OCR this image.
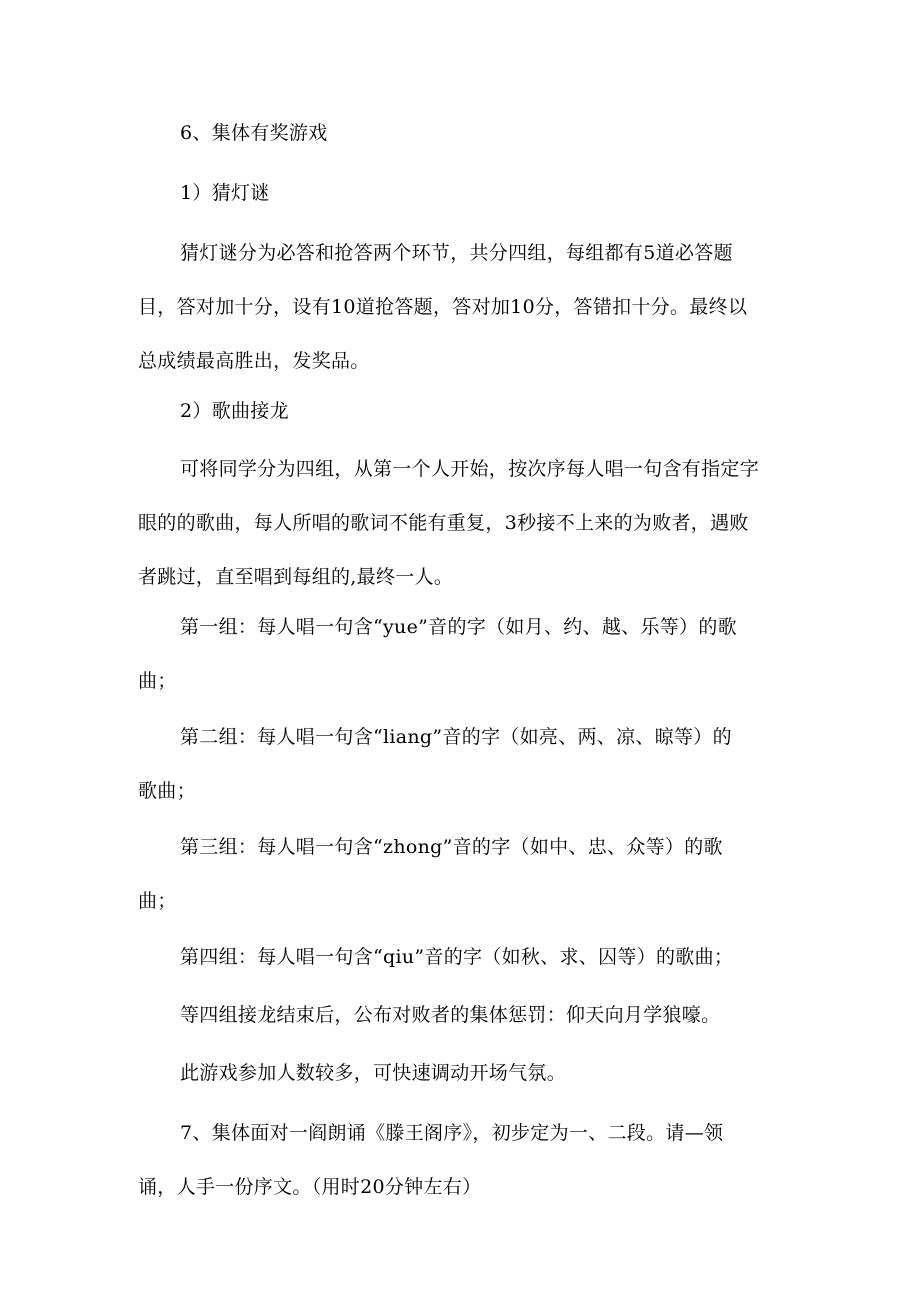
6、集体有奖游戏

1）猜灯谜

猜灯谜分为必答和抢答两个环节，共分四组，每组都有5道必答题
目，答对加十分，设有10道抢答题，答对加10分，答错扣十分。最终以
总成绩最高胜出，发奖品。

2）歌曲接龙

可将同学分为四组，从第一个人开始，按次序每人唱一句含有指定字
眼的的歌曲，每人所唱的歌词不能有重复，3秒接不上来的为败者，遇败
者跳过，直至唱到每组的,最终一人。

第一组：每人唱一句含“yue”音的字（如月、约、越、乐等）的歌
曲；

第二组：每人唱一句含“liang”音的字（如亮、两、凉、晾等）的
歌曲；

第三组：每人唱一句含“zhong”音的字（如中、忠、众等）的歌
曲；

第四组：每人唱一句含“qiu”音的字（如秋、求、囚等）的歌曲；

等四组接龙结束后，公布对败者的集体惩罚：仰天向月学狼嚎。

此游戏参加人数较多，可快速调动开场气氛。

7、集体面对一阎朗诵《滕王阁序》，初步定为一、二段。请—领
诵，人手一份序文。（用时20分钟左右）
